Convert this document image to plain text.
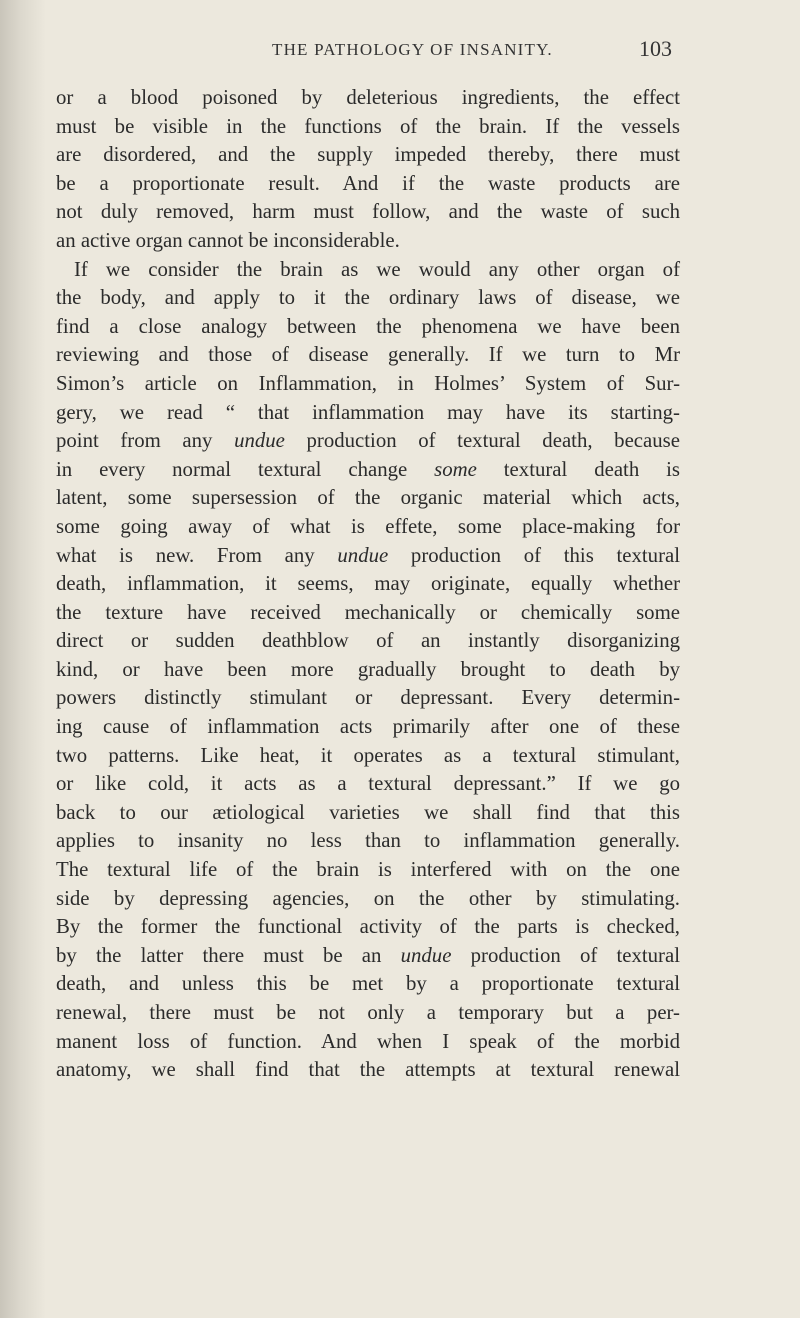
THE PATHOLOGY OF INSANITY.	103
or a blood poisoned by deleterious ingredients, the effect
must be visible in the functions of the brain. If the vessels
are disordered, and the supply impeded thereby, there must
be a proportionate result. And if the waste products are
not duly removed, harm must follow, and the waste of such
an active organ cannot be inconsiderable.
If we consider the brain as we would any other organ of
the body, and apply to it the ordinary laws of disease, we
find a close analogy between the phenomena we have been
reviewing and those of disease generally. If we turn to Mr
Simon’s article on Inflammation, in Holmes’ System of Sur-
gery, we read “ that inflammation may have its starting-
point from any undue production of textural death, because
in every normal textural change some textural death is
latent, some supersession of the organic material which acts,
some going away of what is effete, some place-making for
what is new. From any undue production of this textural
death, inflammation, it seems, may originate, equally whether
the texture have received mechanically or chemically some
direct or sudden deathblow of an instantly disorganizing
kind, or have been more gradually brought to death by
powers distinctly stimulant or depressant. Every determin-
ing cause of inflammation acts primarily after one of these
two patterns. Like heat, it operates as a textural stimulant,
or like cold, it acts as a textural depressant.” If we go
back to our ætiological varieties we shall find that this
applies to insanity no less than to inflammation generally.
The textural life of the brain is interfered with on the one
side by depressing agencies, on the other by stimulating.
By the former the functional activity of the parts is checked,
by the latter there must be an undue production of textural
death, and unless this be met by a proportionate textural
renewal, there must be not only a temporary but a per-
manent loss of function. And when I speak of the morbid
anatomy, we shall find that the attempts at textural renewal
